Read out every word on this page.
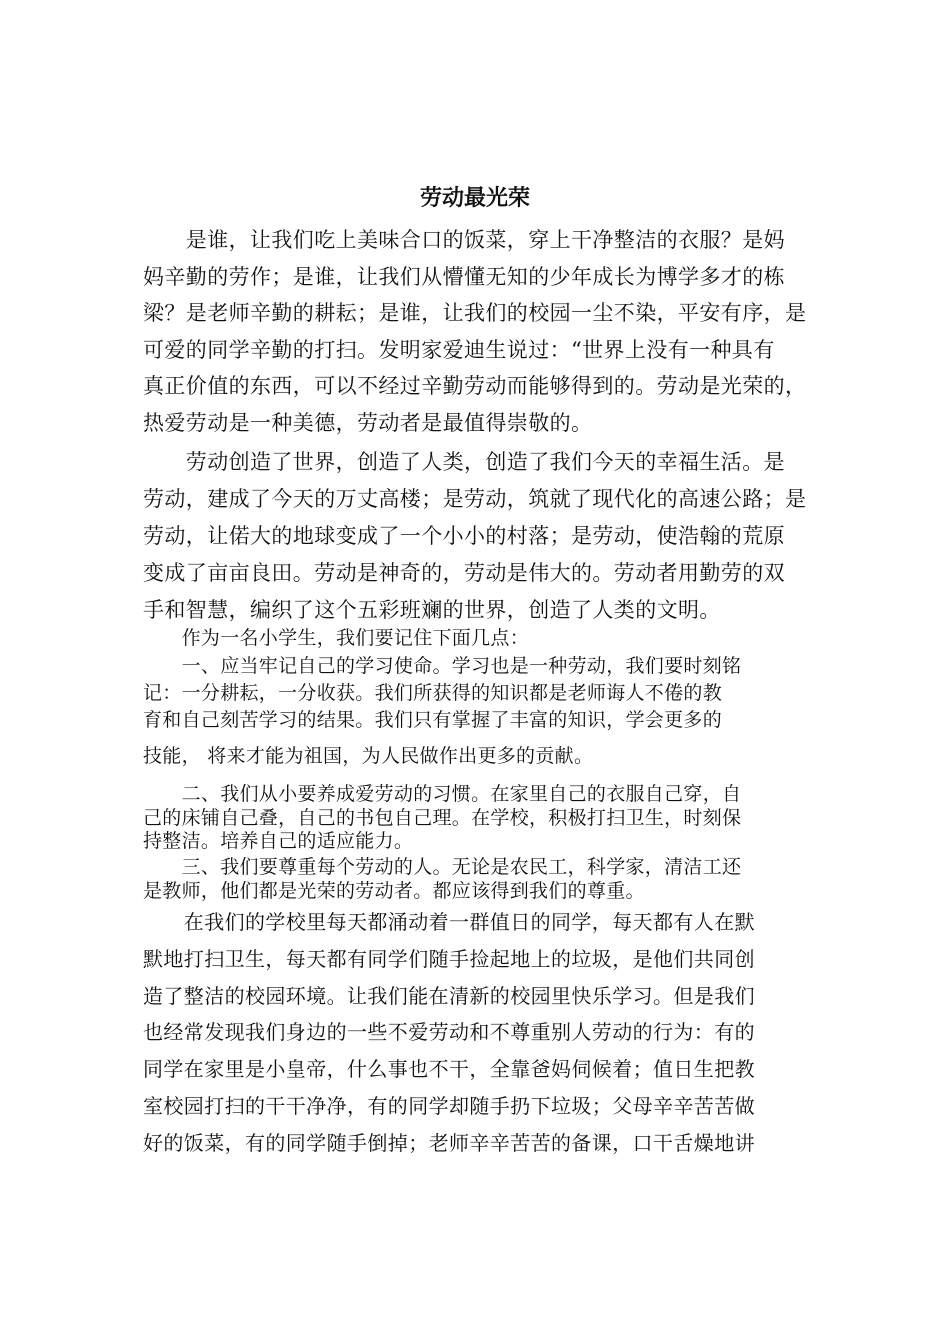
劳动最光荣

　　是谁，让我们吃上美味合口的饭菜，穿上干净整洁的衣服？是妈
妈辛勤的劳作；是谁，让我们从懵懂无知的少年成长为博学多才的栋
梁？是老师辛勤的耕耘；是谁，让我们的校园一尘不染，平安有序，是
可爱的同学辛勤的打扫。发明家爱迪生说过：“世界上没有一种具有
真正价值的东西，可以不经过辛勤劳动而能够得到的。劳动是光荣的，
热爱劳动是一种美德，劳动者是最值得崇敬的。

　　劳动创造了世界，创造了人类，创造了我们今天的幸福生活。是
劳动，建成了今天的万丈高楼；是劳动，筑就了现代化的高速公路；是
劳动，让偌大的地球变成了一个小小的村落；是劳动，使浩翰的荒原
变成了亩亩良田。劳动是神奇的，劳动是伟大的。劳动者用勤劳的双
手和智慧，编织了这个五彩班斓的世界，创造了人类的文明。

　　作为一名小学生，我们要记住下面几点：

　　一、应当牢记自己的学习使命。学习也是一种劳动，我们要时刻铭
记：一分耕耘，一分收获。我们所获得的知识都是老师诲人不倦的教
育和自己刻苦学习的结果。我们只有掌握了丰富的知识，学会更多的
技能， 将来才能为祖国，为人民做作出更多的贡献。

　　二、我们从小要养成爱劳动的习惯。在家里自己的衣服自己穿，自
己的床铺自己叠，自己的书包自己理。在学校，积极打扫卫生，时刻保
持整洁。培养自己的适应能力。

　　三、我们要尊重每个劳动的人。无论是农民工，科学家，清洁工还
是教师，他们都是光荣的劳动者。都应该得到我们的尊重。

　　在我们的学校里每天都涌动着一群值日的同学，每天都有人在默
默地打扫卫生，每天都有同学们随手捡起地上的垃圾，是他们共同创
造了整洁的校园环境。让我们能在清新的校园里快乐学习。但是我们
也经常发现我们身边的一些不爱劳动和不尊重别人劳动的行为：有的
同学在家里是小皇帝，什么事也不干，全靠爸妈伺候着；值日生把教
室校园打扫的干干净净，有的同学却随手扔下垃圾；父母辛辛苦苦做
好的饭菜，有的同学随手倒掉；老师辛辛苦苦的备课，口干舌燥地讲
